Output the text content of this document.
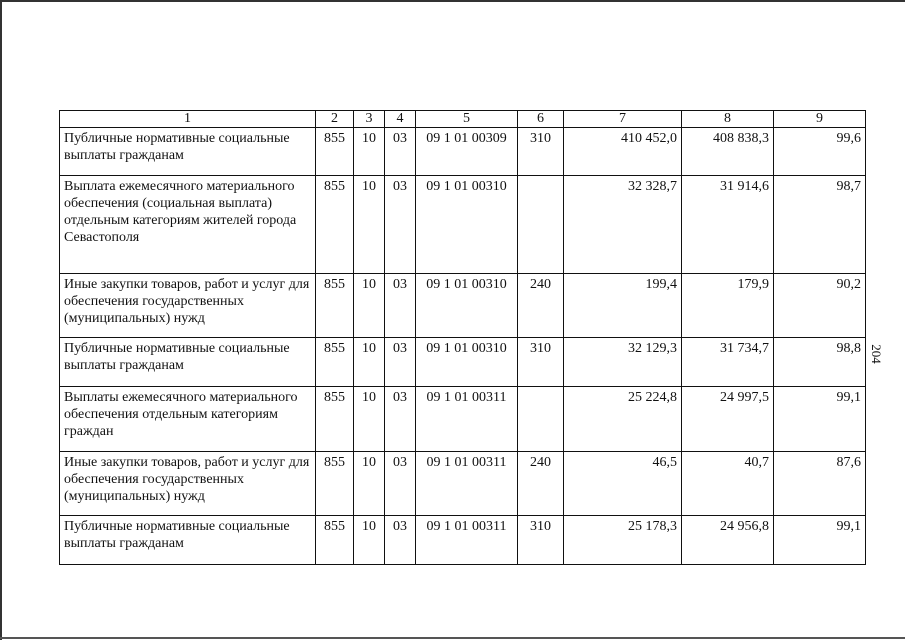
204
1	2	3	4	5	6	7	8	9
Публичные нормативные социальные выплаты гражданам	855	10	03	09 1 01 00309	310	410 452,0	408 838,3	99,6
Выплата ежемесячного материального обеспечения (социальная выплата) отдельным категориям жителей города Севастополя	855	10	03	09 1 01 00310		32 328,7	31 914,6	98,7
Иные закупки товаров, работ и услуг для обеспечения государственных (муниципальных) нужд	855	10	03	09 1 01 00310	240	199,4	179,9	90,2
Публичные нормативные социальные выплаты гражданам	855	10	03	09 1 01 00310	310	32 129,3	31 734,7	98,8
Выплаты ежемесячного материального обеспечения отдельным категориям граждан	855	10	03	09 1 01 00311		25 224,8	24 997,5	99,1
Иные закупки товаров, работ и услуг для обеспечения государственных (муниципальных) нужд	855	10	03	09 1 01 00311	240	46,5	40,7	87,6
Публичные нормативные социальные выплаты гражданам	855	10	03	09 1 01 00311	310	25 178,3	24 956,8	99,1
